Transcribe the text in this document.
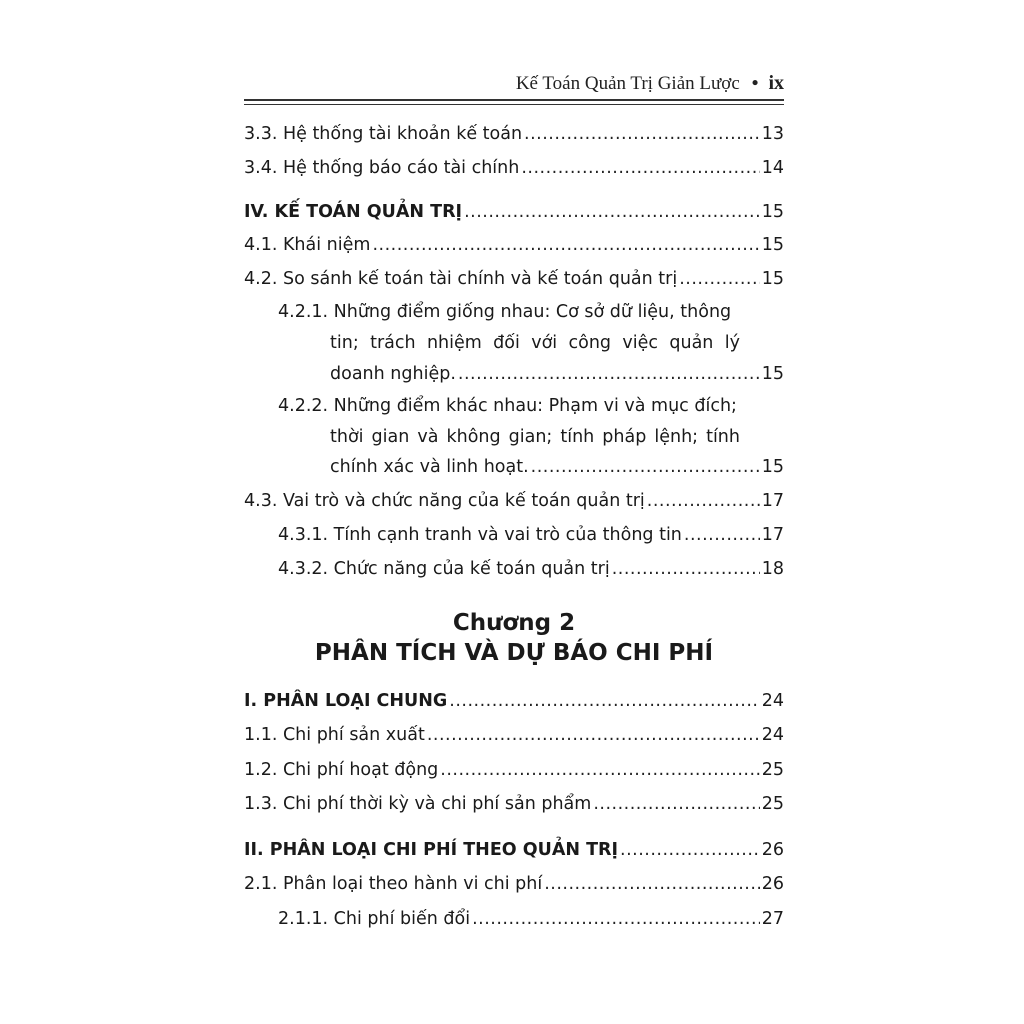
Kế Toán Quản Trị Giản Lược • ix
3.3. Hệ thống tài khoản kế toán .....	13
3.4. Hệ thống báo cáo tài chính .....	14
IV. KẾ TOÁN QUẢN TRỊ .....	15
4.1. Khái niệm .....	15
4.2. So sánh kế toán tài chính và kế toán quản trị .....	15
4.2.1. Những điểm giống nhau: Cơ sở dữ liệu, thông
tin; trách nhiệm đối với công việc quản lý
doanh nghiệp. .....	15
4.2.2. Những điểm khác nhau: Phạm vi và mục đích;
thời gian và không gian; tính pháp lệnh; tính
chính xác và linh hoạt. .....	15
4.3. Vai trò và chức năng của kế toán quản trị .....	17
4.3.1. Tính cạnh tranh và vai trò của thông tin .....	17
4.3.2. Chức năng của kế toán quản trị .....	18
Chương 2
PHÂN TÍCH VÀ DỰ BÁO CHI PHÍ
I. PHÂN LOẠI CHUNG .....	24
1.1. Chi phí sản xuất .....	24
1.2. Chi phí hoạt động .....	25
1.3. Chi phí thời kỳ và chi phí sản phẩm .....	25
II. PHÂN LOẠI CHI PHÍ THEO QUẢN TRỊ .....	26
2.1. Phân loại theo hành vi chi phí .....	26
2.1.1. Chi phí biến đổi .....	27
